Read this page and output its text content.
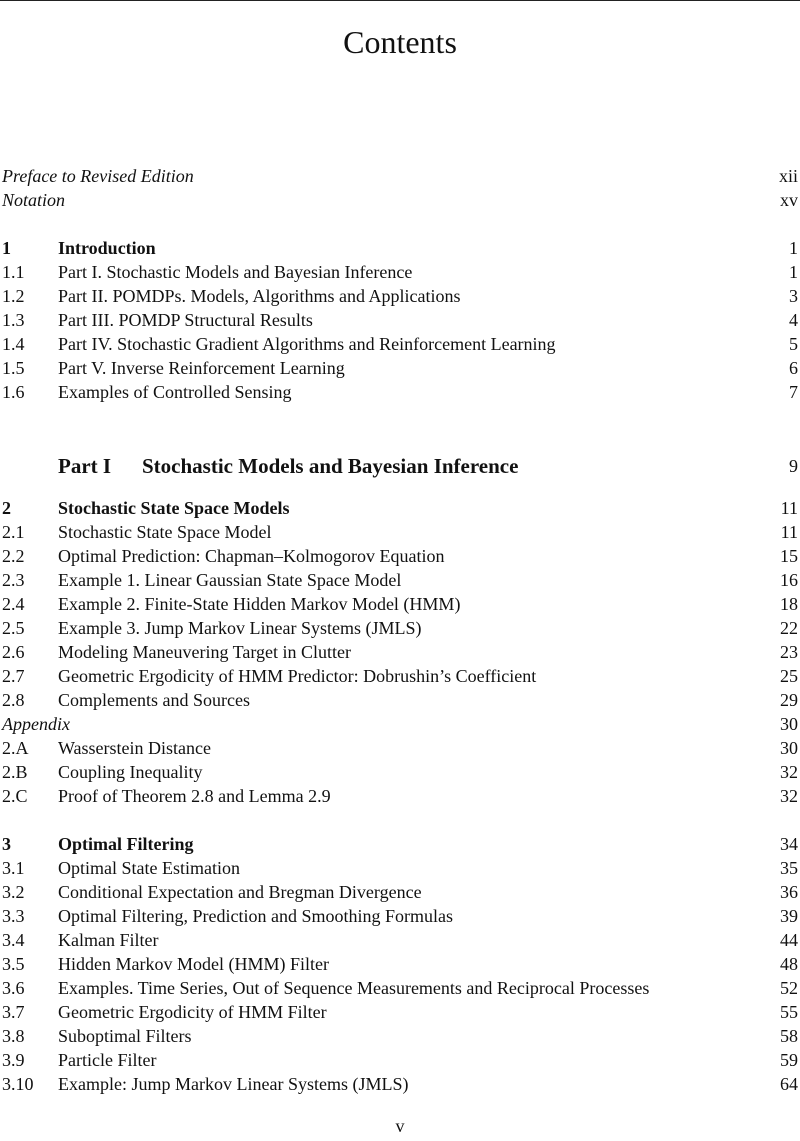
Contents
Preface to Revised Edition	xii
Notation	xv
1	Introduction	1
1.1 Part I. Stochastic Models and Bayesian Inference	1
1.2 Part II. POMDPs. Models, Algorithms and Applications	3
1.3 Part III. POMDP Structural Results	4
1.4 Part IV. Stochastic Gradient Algorithms and Reinforcement Learning	5
1.5 Part V. Inverse Reinforcement Learning	6
1.6 Examples of Controlled Sensing	7
Part I Stochastic Models and Bayesian Inference	9
2	Stochastic State Space Models	11
2.1 Stochastic State Space Model	11
2.2 Optimal Prediction: Chapman–Kolmogorov Equation	15
2.3 Example 1. Linear Gaussian State Space Model	16
2.4 Example 2. Finite-State Hidden Markov Model (HMM)	18
2.5 Example 3. Jump Markov Linear Systems (JMLS)	22
2.6 Modeling Maneuvering Target in Clutter	23
2.7 Geometric Ergodicity of HMM Predictor: Dobrushin’s Coefficient	25
2.8 Complements and Sources	29
Appendix	30
2.A Wasserstein Distance	30
2.B Coupling Inequality	32
2.C Proof of Theorem 2.8 and Lemma 2.9	32
3	Optimal Filtering	34
3.1 Optimal State Estimation	35
3.2 Conditional Expectation and Bregman Divergence	36
3.3 Optimal Filtering, Prediction and Smoothing Formulas	39
3.4 Kalman Filter	44
3.5 Hidden Markov Model (HMM) Filter	48
3.6 Examples. Time Series, Out of Sequence Measurements and Reciprocal Processes	52
3.7 Geometric Ergodicity of HMM Filter	55
3.8 Suboptimal Filters	58
3.9 Particle Filter	59
3.10 Example: Jump Markov Linear Systems (JMLS)	64
v
